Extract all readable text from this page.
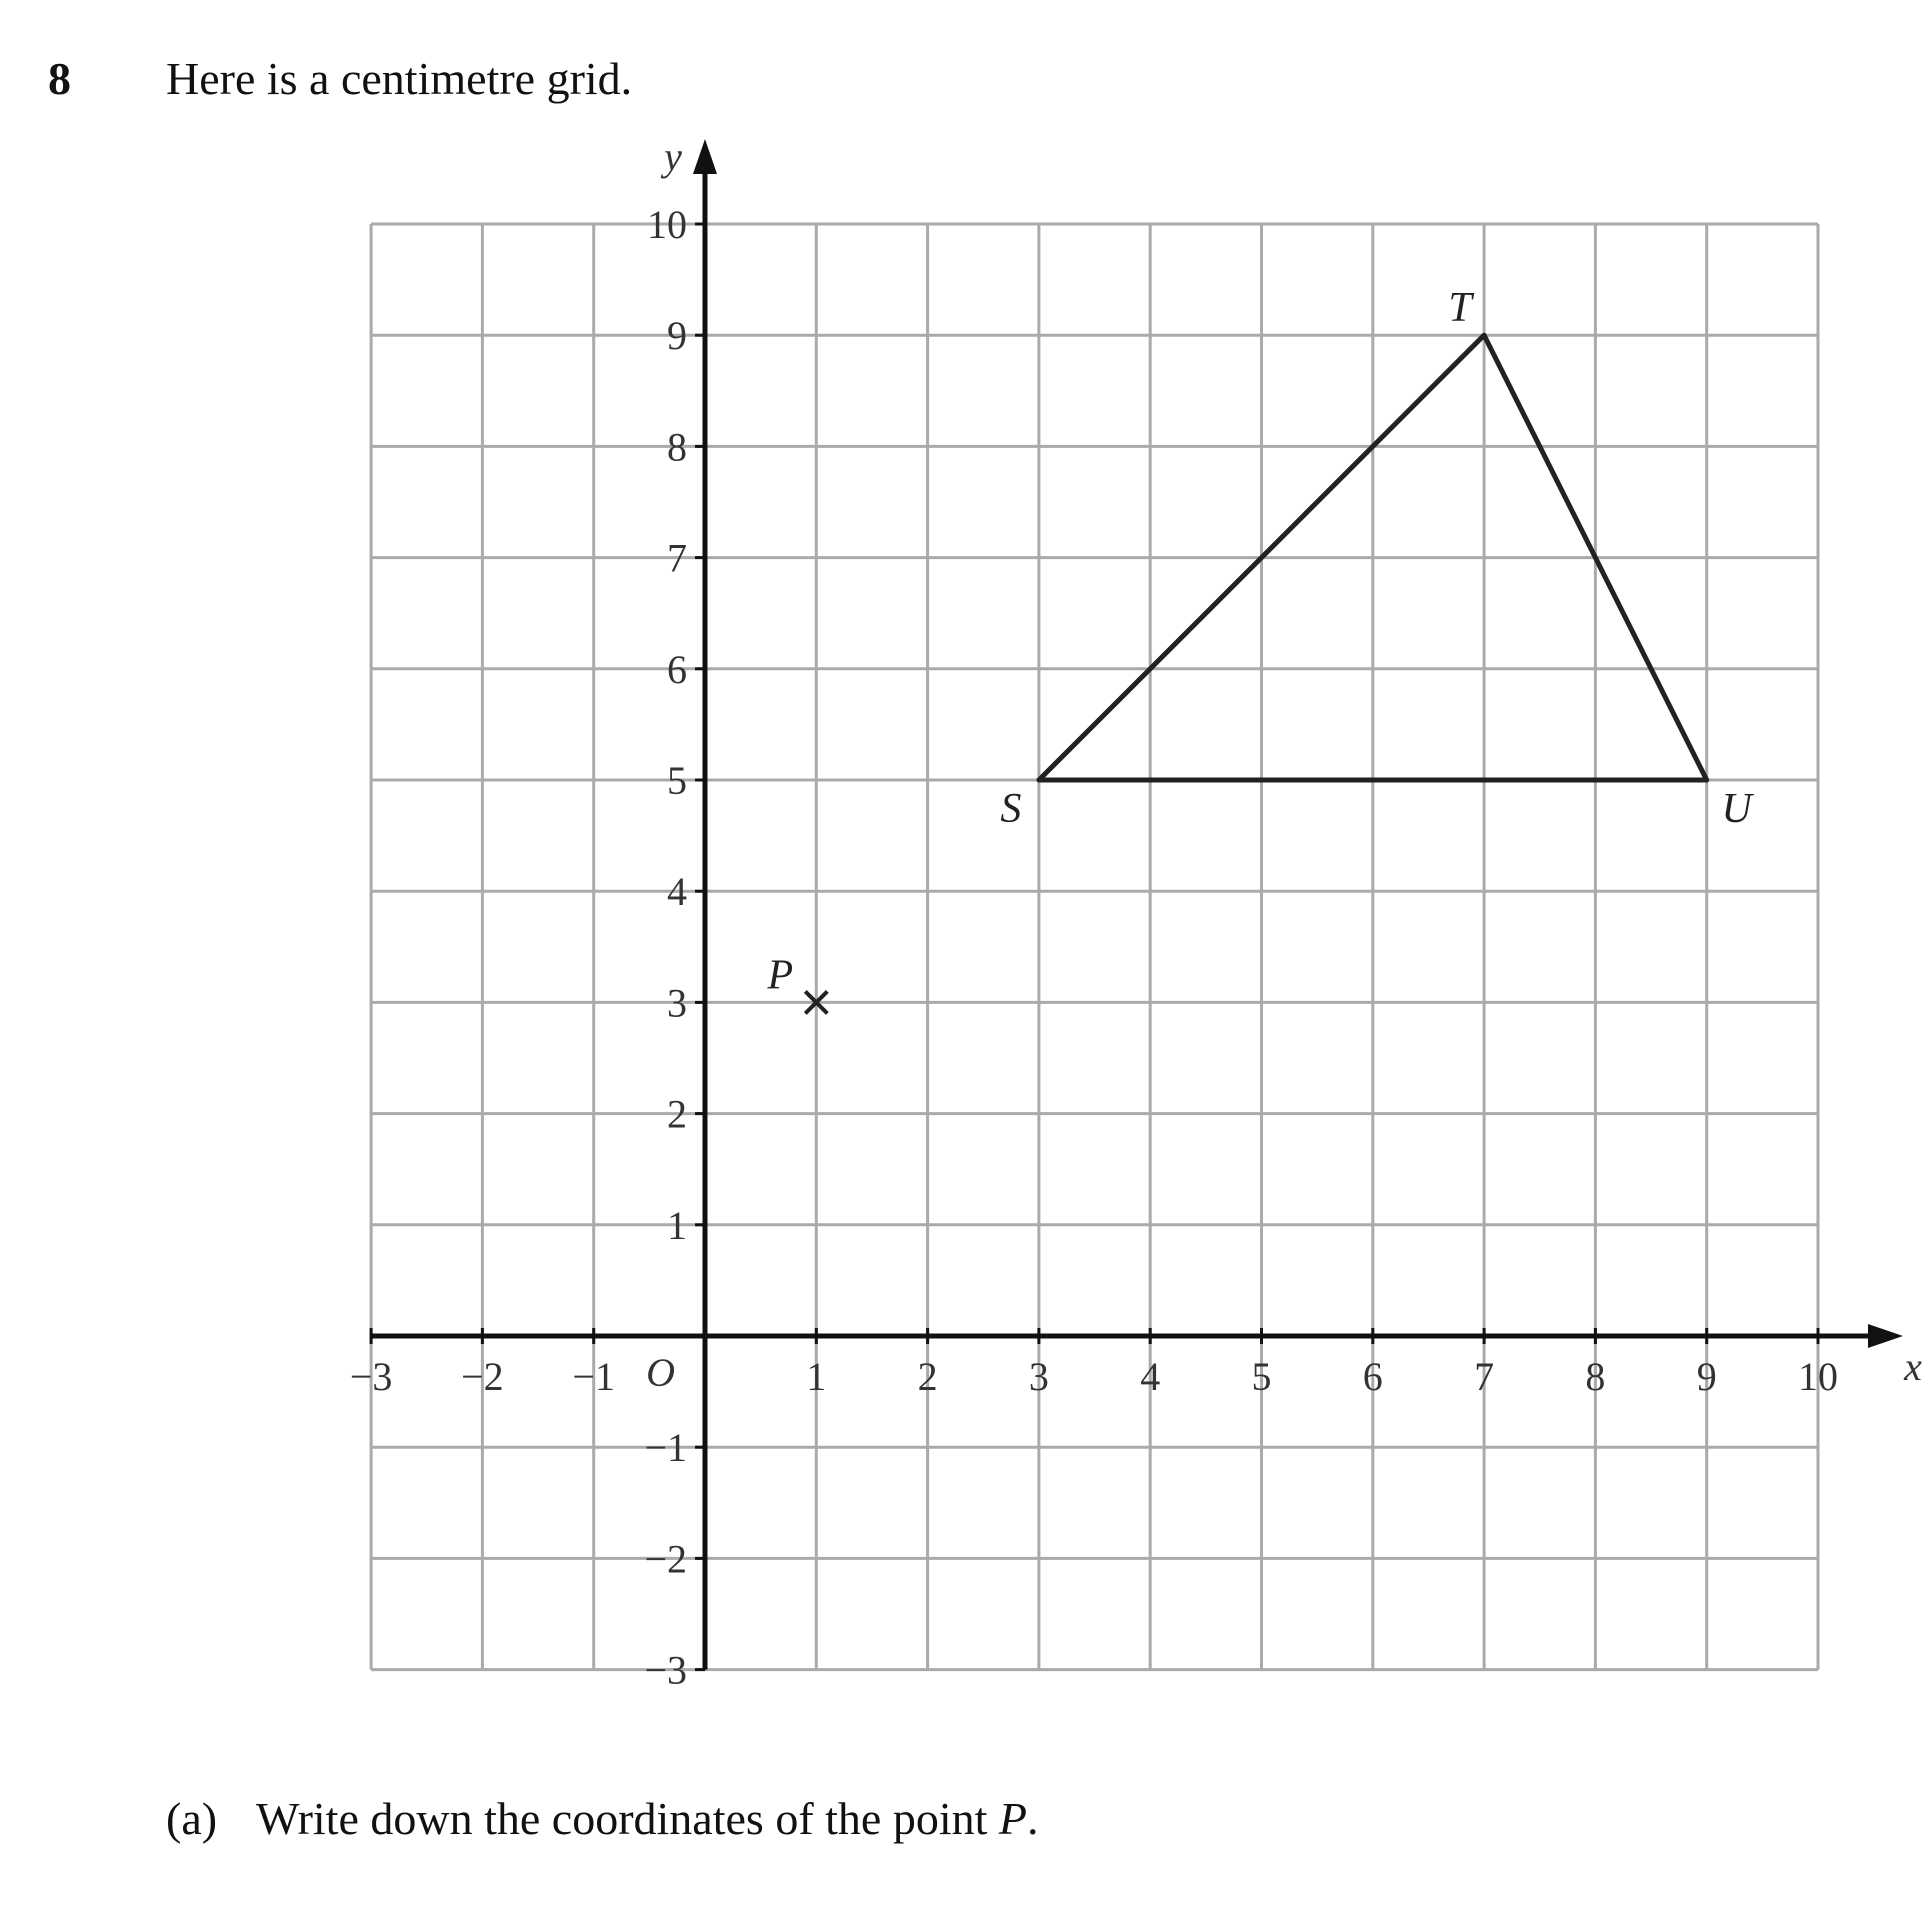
8 Here is a centimetre grid.
−3 −2 −1	1 2 3 4 5 6 7 8 9 10
10
9
8
7
6
5
4
3
2
1
−1
−2
−3
O	x
y
S
T
U
P
(a) Write down the coordinates of the point P.
